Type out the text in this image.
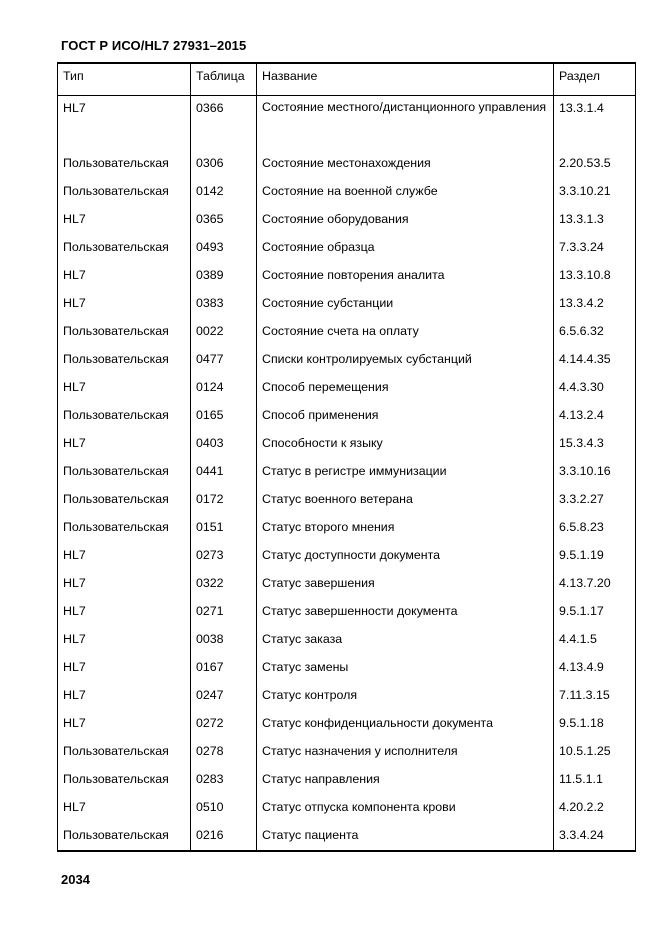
ГОСТ Р ИСО/HL7 27931–2015
Тип	Таблица	Название	Раздел
HL7	0366	Состояние местного/дистанционного управления	13.3.1.4
Пользовательская	0306	Состояние местонахождения	2.20.53.5
Пользовательская	0142	Состояние на военной службе	3.3.10.21
HL7	0365	Состояние оборудования	13.3.1.3
Пользовательская	0493	Состояние образца	7.3.3.24
HL7	0389	Состояние повторения аналита	13.3.10.8
HL7	0383	Состояние субстанции	13.3.4.2
Пользовательская	0022	Состояние счета на оплату	6.5.6.32
Пользовательская	0477	Списки контролируемых субстанций	4.14.4.35
HL7	0124	Способ перемещения	4.4.3.30
Пользовательская	0165	Способ применения	4.13.2.4
HL7	0403	Способности к языку	15.3.4.3
Пользовательская	0441	Статус в регистре иммунизации	3.3.10.16
Пользовательская	0172	Статус военного ветерана	3.3.2.27
Пользовательская	0151	Статус второго мнения	6.5.8.23
HL7	0273	Статус доступности документа	9.5.1.19
HL7	0322	Статус завершения	4.13.7.20
HL7	0271	Статус завершенности документа	9.5.1.17
HL7	0038	Статус заказа	4.4.1.5
HL7	0167	Статус замены	4.13.4.9
HL7	0247	Статус контроля	7.11.3.15
HL7	0272	Статус конфиденциальности документа	9.5.1.18
Пользовательская	0278	Статус назначения у исполнителя	10.5.1.25
Пользовательская	0283	Статус направления	11.5.1.1
HL7	0510	Статус отпуска компонента крови	4.20.2.2
Пользовательская	0216	Статус пациента	3.3.4.24
2034
